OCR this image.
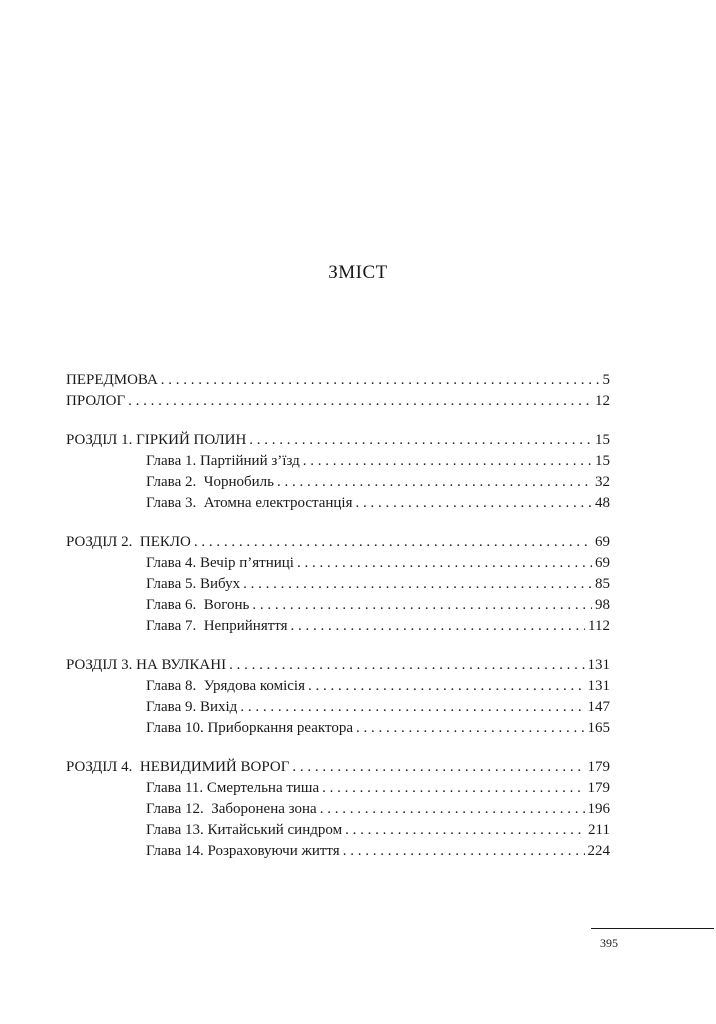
ЗМІСТ
ПЕРЕДМОВА . . .	5
ПРОЛОГ . . .	12
РОЗДІЛ 1. ГІРКИЙ ПОЛИН . . .	15
Глава 1. Партійний з’їзд . . .	15
Глава 2.  Чорнобиль . . .	32
Глава 3.  Атомна електростанція . . .	48
РОЗДІЛ 2.  ПЕКЛО . . .	69
Глава 4. Вечір п’ятниці . . .	69
Глава 5. Вибух . . .	85
Глава 6.  Вогонь . . .	98
Глава 7.  Неприйняття . . .	112
РОЗДІЛ 3. НА ВУЛКАНІ . . .	131
Глава 8.  Урядова комісія . . .	131
Глава 9. Вихід . . .	147
Глава 10. Приборкання реактора . . .	165
РОЗДІЛ 4.  НЕВИДИМИЙ ВОРОГ . . .	179
Глава 11. Смертельна тиша . . .	179
Глава 12.  Заборонена зона . . .	196
Глава 13. Китайський синдром . . .	211
Глава 14. Розраховуючи життя . . .	224
395
